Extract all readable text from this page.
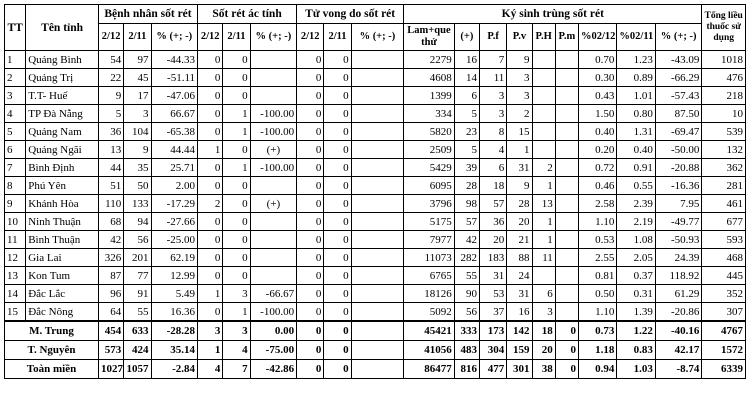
TT	Tên tỉnh	Bệnh nhân sốt rét			Sốt rét ác tính			Tử vong do sốt rét			Ký sinh trùng sốt rét									Tổng liều thuốc sử dụng
		2/12	2/11	% (+; -)	2/12	2/11	% (+; -)	2/12	2/11	% (+; -)	Lam+que thử	(+)	P.f	P.v	P.H	P.m	%02/12	%02/11	% (+; -)	
1	Quảng Bình	54	97	-44.33	0	0		0	0		2279	16	7	9			0.70	1.23	-43.09	1018
2	Quảng Trị	22	45	-51.11	0	0		0	0		4608	14	11	3			0.30	0.89	-66.29	476
3	T.T- Huế	9	17	-47.06	0	0		0	0		1399	6	3	3			0.43	1.01	-57.43	218
4	TP Đà Nẵng	5	3	66.67	0	1	-100.00	0	0		334	5	3	2			1.50	0.80	87.50	10
5	Quảng Nam	36	104	-65.38	0	1	-100.00	0	0		5820	23	8	15			0.40	1.31	-69.47	539
6	Quảng Ngãi	13	9	44.44	1	0	(+)	0	0		2509	5	4	1			0.20	0.40	-50.00	132
7	Bình Định	44	35	25.71	0	1	-100.00	0	0		5429	39	6	31	2		0.72	0.91	-20.88	362
8	Phú Yên	51	50	2.00	0	0		0	0		6095	28	18	9	1		0.46	0.55	-16.36	281
9	Khánh Hòa	110	133	-17.29	2	0	(+)	0	0		3796	98	57	28	13		2.58	2.39	7.95	461
10	Ninh Thuận	68	94	-27.66	0	0		0	0		5175	57	36	20	1		1.10	2.19	-49.77	677
11	Bình Thuận	42	56	-25.00	0	0		0	0		7977	42	20	21	1		0.53	1.08	-50.93	593
12	Gia Lai	326	201	62.19	0	0		0	0		11073	282	183	88	11		2.55	2.05	24.39	468
13	Kon Tum	87	77	12.99	0	0		0	0		6765	55	31	24			0.81	0.37	118.92	445
14	Đắc Lắc	96	91	5.49	1	3	-66.67	0	0		18126	90	53	31	6		0.50	0.31	61.29	352
15	Đắc Nông	64	55	16.36	0	1	-100.00	0	0		5092	56	37	16	3		1.10	1.39	-20.86	307
M. Trung		454	633	-28.28	3	3	0.00	0	0		45421	333	173	142	18	0	0.73	1.22	-40.16	4767
T. Nguyên		573	424	35.14	1	4	-75.00	0	0		41056	483	304	159	20	0	1.18	0.83	42.17	1572
Toàn miền		1027	1057	-2.84	4	7	-42.86	0	0		86477	816	477	301	38	0	0.94	1.03	-8.74	6339
